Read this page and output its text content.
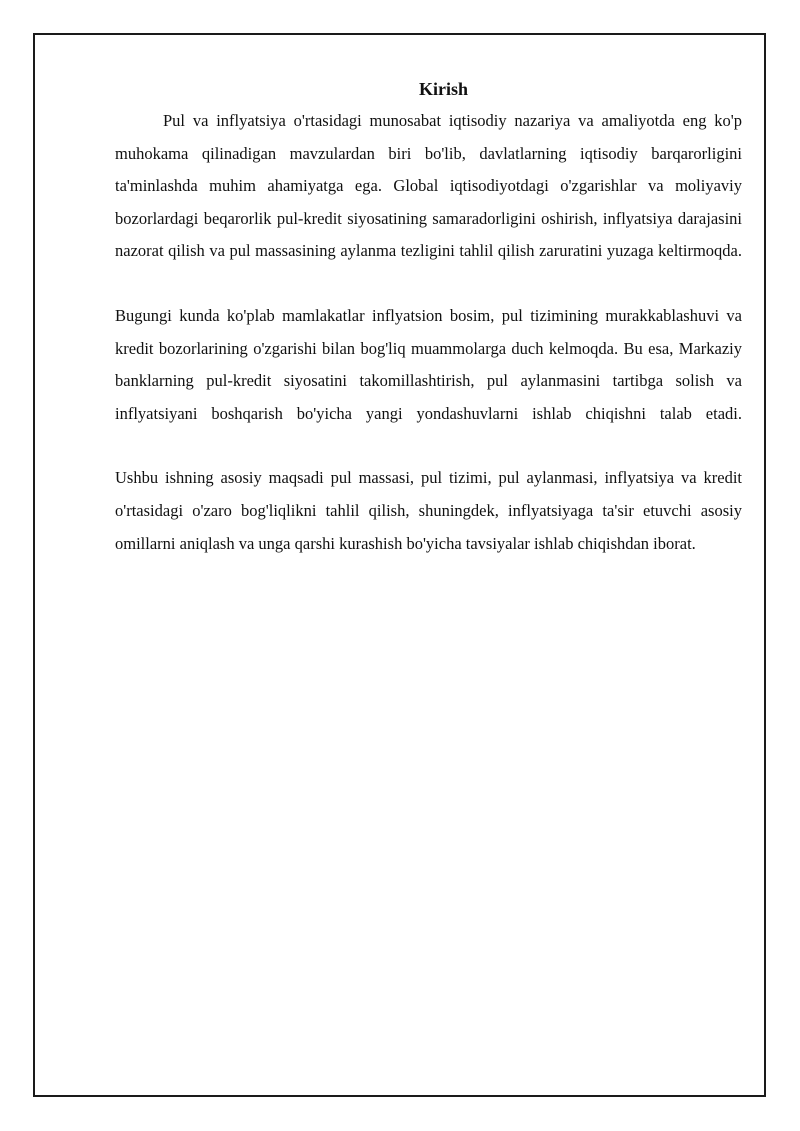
Kirish

Pul va inflyatsiya o'rtasidagi munosabat iqtisodiy nazariya va amaliyotda eng ko'p muhokama qilinadigan mavzulardan biri bo'lib, davlatlarning iqtisodiy barqarorligini ta'minlashda muhim ahamiyatga ega. Global iqtisodiyotdagi o'zgarishlar va moliyaviy bozorlardagi beqarorlik pul-kredit siyosatining samaradorligini oshirish, inflyatsiya darajasini nazorat qilish va pul massasining aylanma tezligini tahlil qilish zaruratini yuzaga keltirmoqda.

Bugungi kunda ko'plab mamlakatlar inflyatsion bosim, pul tizimining murakkablashuvi va kredit bozorlarining o'zgarishi bilan bog'liq muammolarga duch kelmoqda. Bu esa, Markaziy banklarning pul-kredit siyosatini takomillashtirish, pul aylanmasini tartibga solish va inflyatsiyani boshqarish bo'yicha yangi yondashuvlarni ishlab chiqishni talab etadi.

Ushbu ishning asosiy maqsadi pul massasi, pul tizimi, pul aylanmasi, inflyatsiya va kredit o'rtasidagi o'zaro bog'liqlikni tahlil qilish, shuningdek, inflyatsiyaga ta'sir etuvchi asosiy omillarni aniqlash va unga qarshi kurashish bo'yicha tavsiyalar ishlab chiqishdan iborat.
